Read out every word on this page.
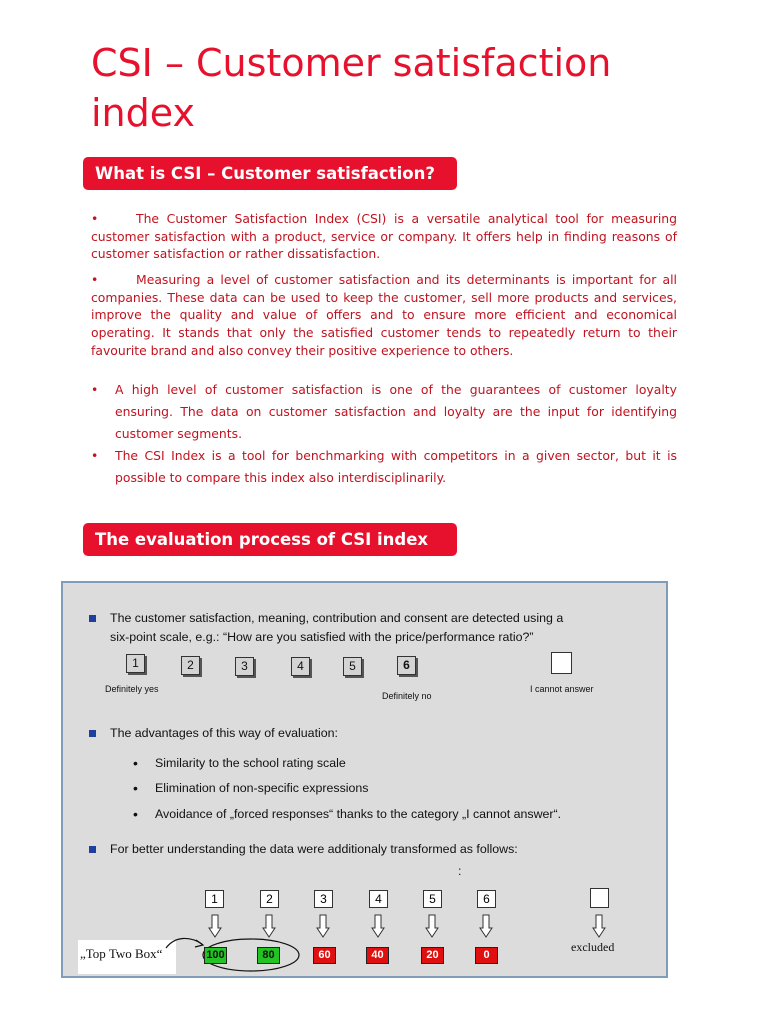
CSI – Customer satisfaction index
What is CSI – Customer satisfaction?

•	The Customer Satisfaction Index (CSI) is a versatile analytical tool for measuring customer satisfaction with a product, service or company. It offers help in finding reasons of customer satisfaction or rather dissatisfaction.

•	Measuring a level of customer satisfaction and its determinants is important for all companies. These data can be used to keep the customer, sell more products and services, improve the quality and value of offers and to ensure more efficient and economical operating. It stands that only the satisfied customer tends to repeatedly return to their favourite brand and also convey their positive experience to others.

• A high level of customer satisfaction is one of the guarantees of customer loyalty ensuring. The data on customer satisfaction and loyalty are the input for identifying customer segments.
• The CSI Index is a tool for benchmarking with competitors in a given sector, but it is possible to compare this index also interdisciplinarily.
The evaluation process of CSI index
The customer satisfaction, meaning, contribution and consent are detected using a
six-point scale, e.g.: “How are you satisfied with the price/performance ratio?”
1	2	3	4	5	6
Definitely yes
Definitely no
I cannot answer
The advantages of this way of evaluation:
• Similarity to the school rating scale
• Elimination of non-specific expressions
• Avoidance of „forced responses“ thanks to the category „I cannot answer“.
For better understanding the data were additionaly transformed as follows:
:
1	2	3	4	5	6
„Top Two Box“	100	80	60	40	20	0
excluded
